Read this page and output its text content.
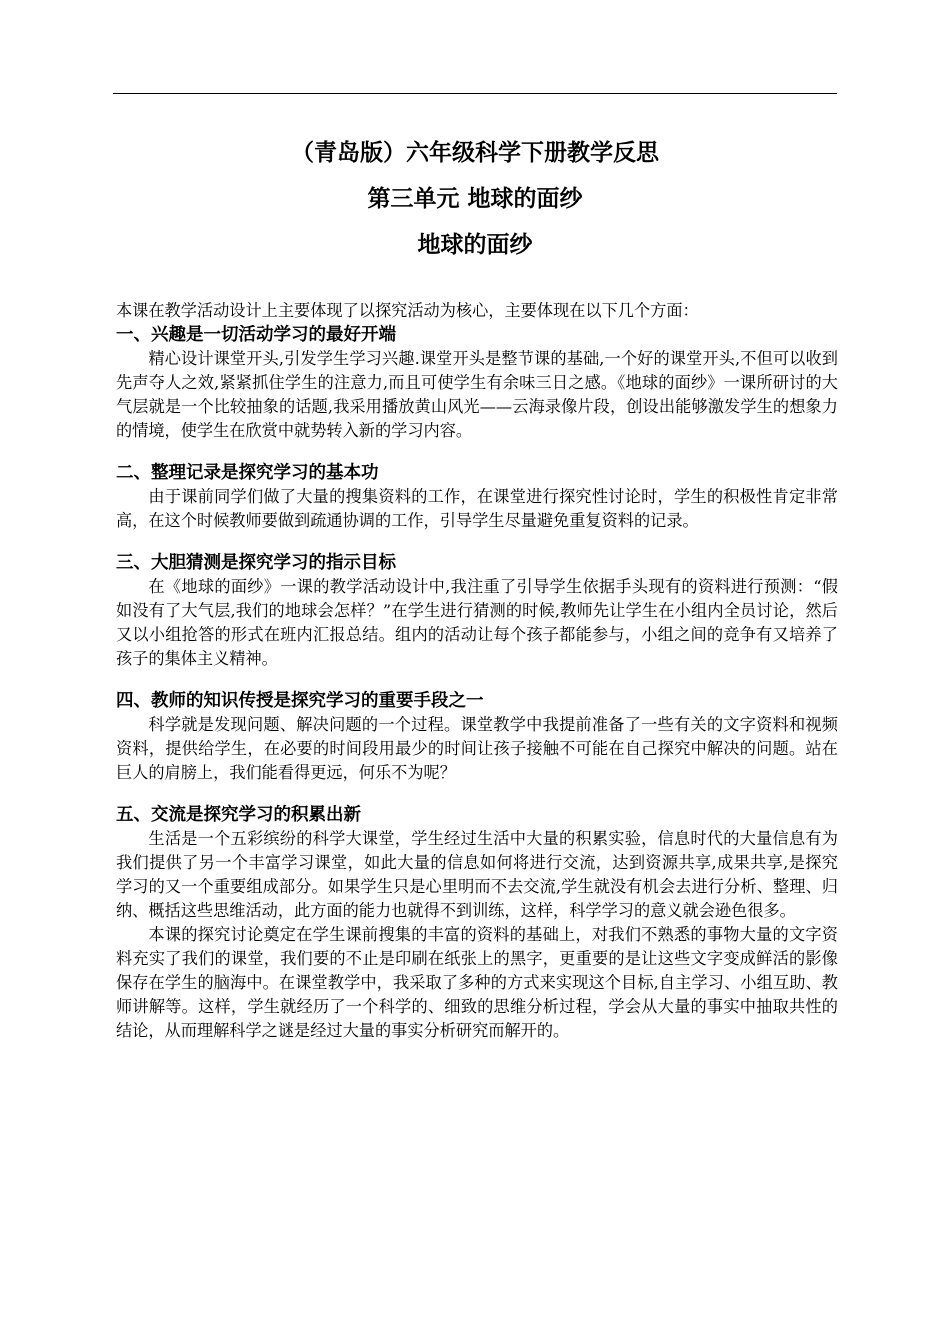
（青岛版）六年级科学下册教学反思
第三单元 地球的面纱
地球的面纱

本课在教学活动设计上主要体现了以探究活动为核心，主要体现在以下几个方面：

一、兴趣是一切活动学习的最好开端

精心设计课堂开头,引发学生学习兴趣.课堂开头是整节课的基础,一个好的课堂开头,不但可以收到先声夺人之效,紧紧抓住学生的注意力,而且可使学生有余味三日之感。《地球的面纱》一课所研讨的大气层就是一个比较抽象的话题,我采用播放黄山风光——云海录像片段，创设出能够激发学生的想象力的情境，使学生在欣赏中就势转入新的学习内容。

二、整理记录是探究学习的基本功

由于课前同学们做了大量的搜集资料的工作，在课堂进行探究性讨论时，学生的积极性肯定非常高，在这个时候教师要做到疏通协调的工作，引导学生尽量避免重复资料的记录。

三、大胆猜测是探究学习的指示目标

在《地球的面纱》一课的教学活动设计中,我注重了引导学生依据手头现有的资料进行预测：“假如没有了大气层,我们的地球会怎样？”在学生进行猜测的时候,教师先让学生在小组内全员讨论，然后又以小组抢答的形式在班内汇报总结。组内的活动让每个孩子都能参与，小组之间的竞争有又培养了孩子的集体主义精神。

四、教师的知识传授是探究学习的重要手段之一

科学就是发现问题、解决问题的一个过程。课堂教学中我提前准备了一些有关的文字资料和视频资料，提供给学生，在必要的时间段用最少的时间让孩子接触不可能在自己探究中解决的问题。站在巨人的肩膀上，我们能看得更远，何乐不为呢？

五、交流是探究学习的积累出新

生活是一个五彩缤纷的科学大课堂，学生经过生活中大量的积累实验，信息时代的大量信息有为我们提供了另一个丰富学习课堂，如此大量的信息如何将进行交流，达到资源共享,成果共享,是探究学习的又一个重要组成部分。如果学生只是心里明而不去交流,学生就没有机会去进行分析、整理、归纳、概括这些思维活动，此方面的能力也就得不到训练，这样，科学学习的意义就会逊色很多。

本课的探究讨论奠定在学生课前搜集的丰富的资料的基础上，对我们不熟悉的事物大量的文字资料充实了我们的课堂，我们要的不止是印刷在纸张上的黑字，更重要的是让这些文字变成鲜活的影像保存在学生的脑海中。在课堂教学中，我采取了多种的方式来实现这个目标,自主学习、小组互助、教师讲解等。这样，学生就经历了一个科学的、细致的思维分析过程，学会从大量的事实中抽取共性的结论，从而理解科学之谜是经过大量的事实分析研究而解开的。
